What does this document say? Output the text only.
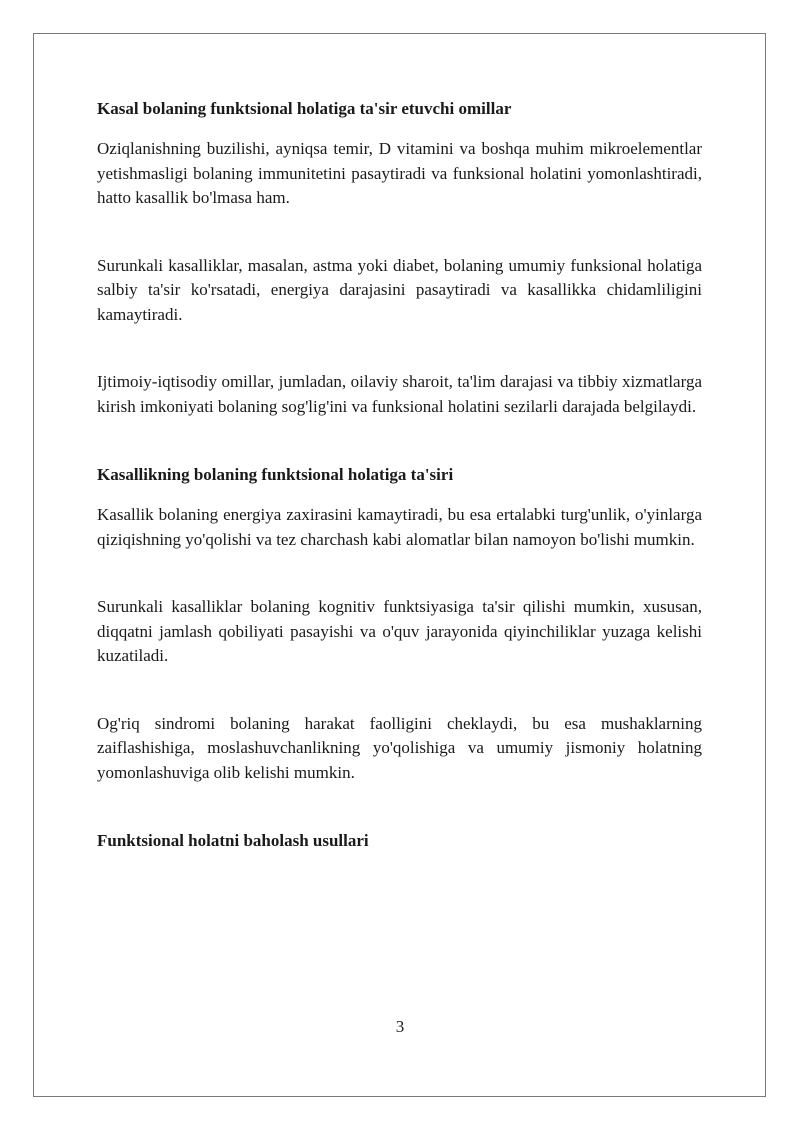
Kasal bolaning funktsional holatiga ta'sir etuvchi omillar

Oziqlanishning buzilishi, ayniqsa temir, D vitamini va boshqa muhim mikroelementlar yetishmasligi bolaning immunitetini pasaytiradi va funksional holatini yomonlashtiradi, hatto kasallik bo'lmasa ham.

Surunkali kasalliklar, masalan, astma yoki diabet, bolaning umumiy funksional holatiga salbiy ta'sir ko'rsatadi, energiya darajasini pasaytiradi va kasallikka chidamliligini kamaytiradi.

Ijtimoiy-iqtisodiy omillar, jumladan, oilaviy sharoit, ta'lim darajasi va tibbiy xizmatlarga kirish imkoniyati bolaning sog'lig'ini va funksional holatini sezilarli darajada belgilaydi.

Kasallikning bolaning funktsional holatiga ta'siri

Kasallik bolaning energiya zaxirasini kamaytiradi, bu esa ertalabki turg'unlik, o'yinlarga qiziqishning yo'qolishi va tez charchash kabi alomatlar bilan namoyon bo'lishi mumkin.

Surunkali kasalliklar bolaning kognitiv funktsiyasiga ta'sir qilishi mumkin, xususan, diqqatni jamlash qobiliyati pasayishi va o'quv jarayonida qiyinchiliklar yuzaga kelishi kuzatiladi.

Og'riq sindromi bolaning harakat faolligini cheklaydi, bu esa mushaklarning zaiflashishiga, moslashuvchanlikning yo'qolishiga va umumiy jismoniy holatning yomonlashuviga olib kelishi mumkin.

Funktsional holatni baholash usullari

3
